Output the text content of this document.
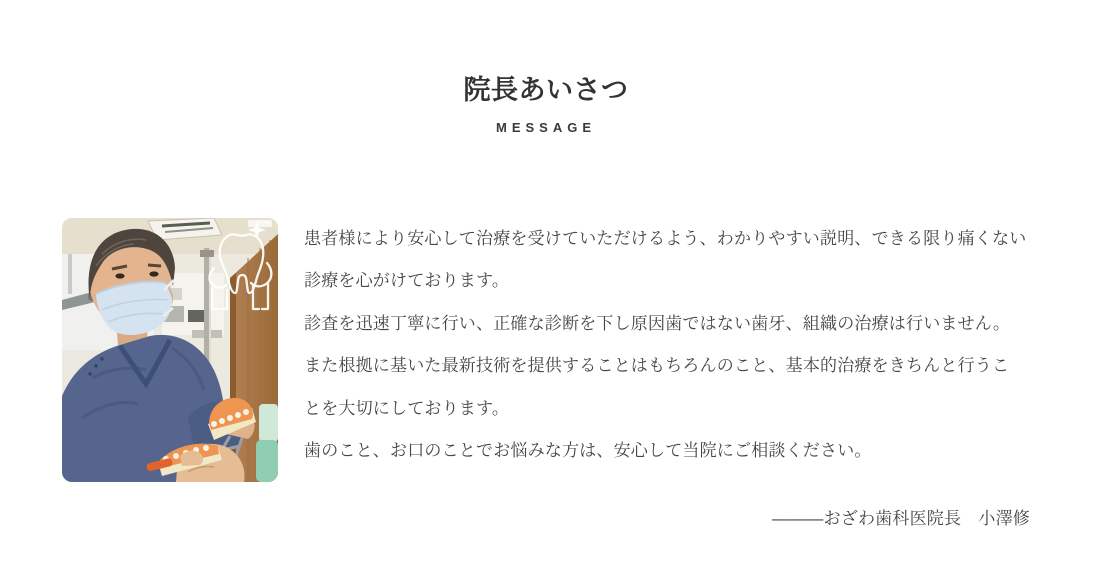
院長あいさつ
MESSAGE
患者様により安心して治療を受けていただけるよう、わかりやすい説明、できる限り痛くない
診療を心がけております。
診査を迅速丁寧に行い、正確な診断を下し原因歯ではない歯牙、組織の治療は行いません。
また根拠に基いた最新技術を提供することはもちろんのこと、基本的治療をきちんと行うこ
とを大切にしております。
歯のこと、お口のことでお悩みな方は、安心して当院にご相談ください。
―――おざわ歯科医院長　小澤修
